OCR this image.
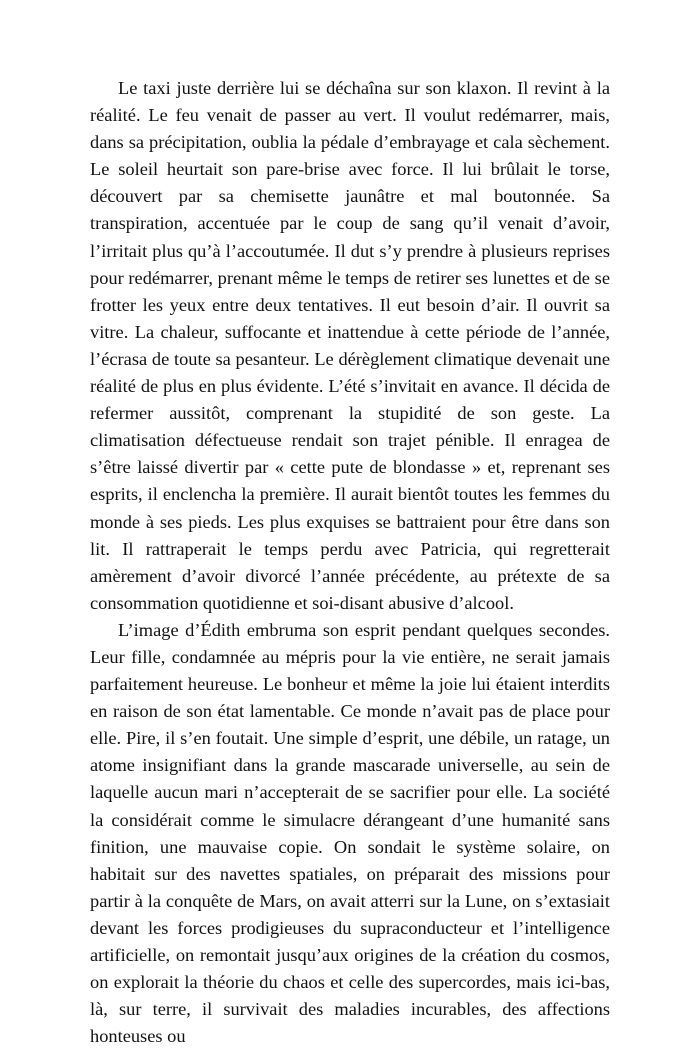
Le taxi juste derrière lui se déchaîna sur son klaxon. Il revint à la réalité. Le feu venait de passer au vert. Il voulut redémarrer, mais, dans sa précipitation, oublia la pédale d’embrayage et cala sèchement. Le soleil heurtait son pare-brise avec force. Il lui brûlait le torse, découvert par sa chemisette jaunâtre et mal boutonnée. Sa transpiration, accentuée par le coup de sang qu’il venait d’avoir, l’irritait plus qu’à l’accoutumée. Il dut s’y prendre à plusieurs reprises pour redémarrer, prenant même le temps de retirer ses lunettes et de se frotter les yeux entre deux tentatives. Il eut besoin d’air. Il ouvrit sa vitre. La chaleur, suffocante et inattendue à cette période de l’année, l’écrasa de toute sa pesanteur. Le dérèglement climatique devenait une réalité de plus en plus évidente. L’été s’invitait en avance. Il décida de refermer aussitôt, comprenant la stupidité de son geste. La climatisation défectueuse rendait son trajet pénible. Il enragea de s’être laissé divertir par « cette pute de blondasse » et, reprenant ses esprits, il enclencha la première. Il aurait bientôt toutes les femmes du monde à ses pieds. Les plus exquises se battraient pour être dans son lit. Il rattraperait le temps perdu avec Patricia, qui regretterait amèrement d’avoir divorcé l’année précédente, au prétexte de sa consommation quotidienne et soi-disant abusive d’alcool.

L’image d’Édith embruma son esprit pendant quelques secondes. Leur fille, condamnée au mépris pour la vie entière, ne serait jamais parfaitement heureuse. Le bonheur et même la joie lui étaient interdits en raison de son état lamentable. Ce monde n’avait pas de place pour elle. Pire, il s’en foutait. Une simple d’esprit, une débile, un ratage, un atome insignifiant dans la grande mascarade universelle, au sein de laquelle aucun mari n’accepterait de se sacrifier pour elle. La société la considérait comme le simulacre dérangeant d’une humanité sans finition, une mauvaise copie. On sondait le système solaire, on habitait sur des navettes spatiales, on préparait des missions pour partir à la conquête de Mars, on avait atterri sur la Lune, on s’extasiait devant les forces prodigieuses du supraconducteur et l’intelligence artificielle, on remontait jusqu’aux origines de la création du cosmos, on explorait la théorie du chaos et celle des supercordes, mais ici-bas, là, sur terre, il survivait des maladies incurables, des affections honteuses ou
